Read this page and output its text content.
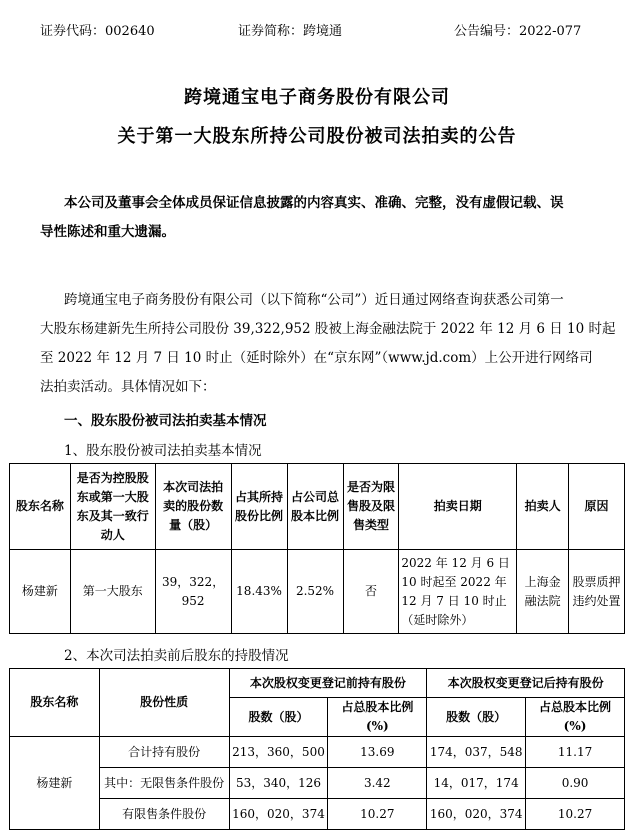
证券代码：002640	证券简称：跨境通	公告编号：2022-077
跨境通宝电子商务股份有限公司
关于第一大股东所持公司股份被司法拍卖的公告
本公司及董事会全体成员保证信息披露的内容真实、准确、完整，没有虚假记载、误
导性陈述和重大遗漏。
跨境通宝电子商务股份有限公司（以下简称“公司”）近日通过网络查询获悉公司第一
大股东杨建新先生所持公司股份 39,322,952 股被上海金融法院于 2022 年 12 月 6 日 10 时起
至 2022 年 12 月 7 日 10 时止（延时除外）在“京东网”（www.jd.com）上公开进行网络司
法拍卖活动。具体情况如下：
一、股东股份被司法拍卖基本情况
1、股东股份被司法拍卖基本情况
股东名称	是否为控股股东或第一大股东及其一致行动人	本次司法拍卖的股份数量（股）	占其所持股份比例	占公司总股本比例	是否为限售股及限售类型	拍卖日期	拍卖人	原因
杨建新	第一大股东	39，322，952	18.43%	2.52%	否	2022 年 12 月 6 日 10 时起至 2022 年 12 月 7 日 10 时止（延时除外）	上海金融法院	股票质押违约处置
2、本次司法拍卖前后股东的持股情况
股东名称	股份性质	本次股权变更登记前持有股份		本次股权变更登记后持有股份	
		股数（股）	占总股本比例(%)	股数（股）	占总股本比例(%)
杨建新	合计持有股份	213，360，500	13.69	174，037，548	11.17
	其中：无限售条件股份	53，340，126	3.42	14，017，174	0.90
	有限售条件股份	160，020，374	10.27	160，020，374	10.27
